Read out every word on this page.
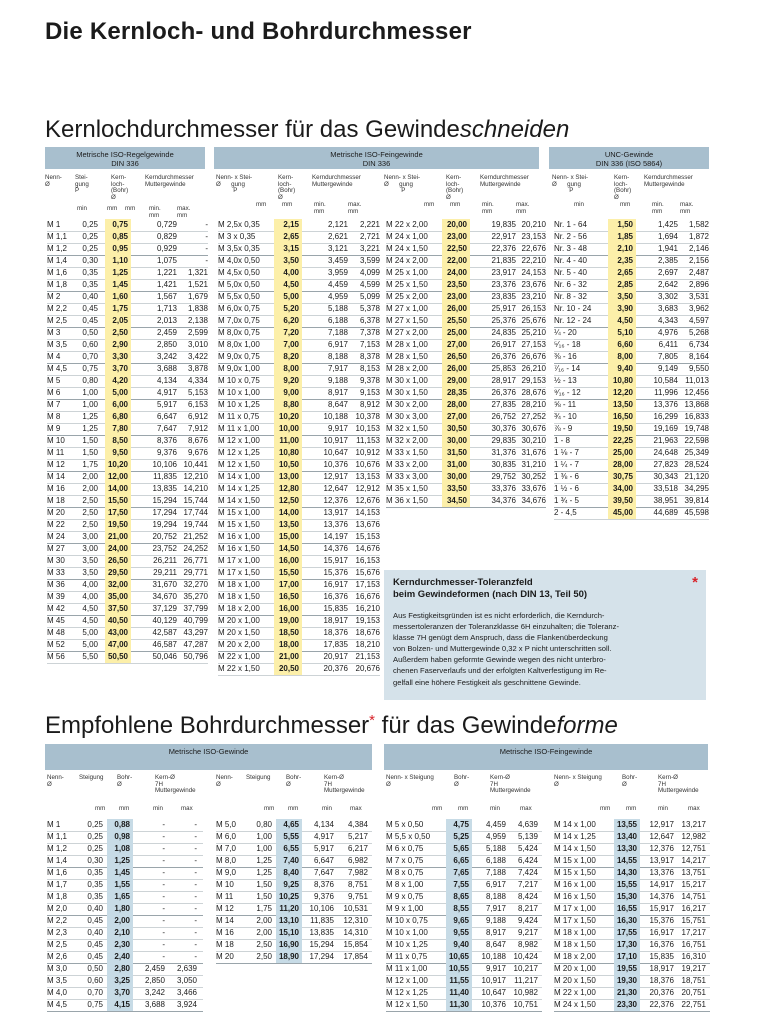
Die Kernloch- und Bohrdurchmesser
Kernlochdurchmesser für das Gewindeschneiden
Empfohlene Bohrdurchmesser* für das Gewindeforme
Metrische ISO-Regelgewinde
DIN 336
Metrische ISO-Feingewinde
DIN 336
UNC-Gewinde
DIN 336 (ISO 5864)
Nenn-
Ø
Stei-
gung
P
Kern-
loch-
(Bohr)
Ø
Kerndurchmesser
Muttergewinde
min	mm mm min.
mm
max.
mm
Nenn- x Stei-
Ø      gung
P
Kern-
loch-
(Bohr)
Ø
Kerndurchmesser
Muttergewinde
mm	mm	min.
mm
max.
mm
Nenn- x Stei-
Ø      gung
P
Kern-
loch-
(Bohr)
Ø
Kerndurchmesser
Muttergewinde
mm	mm	min.
mm
max.
mm
Nenn- x Stei-
Ø      gung
P
Kern-
loch-
(Bohr)
Ø
Kerndurchmesser
Muttergewinde
min	mm	min.
mm
max.
mm
M 1	0,25	0,75	0,729	-
M 1,1 0,25	0,85	0,829	-
M 1,2 0,25	0,95	0,929	-
M 1,4 0,30	1,10	1,075	-
M 1,6 0,35	1,25	1,221 1,321
M 1,8 0,35	1,45	1,421 1,521
M 2	0,40	1,60	1,567 1,679
M 2,2 0,45	1,75	1,713 1,838
M 2,5 0,45	2,05	2,013 2,138
M 3	0,50	2,50	2,459 2,599
M 3,5 0,60	2,90	2,850 3,010
M 4	0,70	3,30	3,242 3,422
M 4,5 0,75	3,70	3,688 3,878
M 5	0,80	4,20	4,134 4,334
M 6	1,00	5,00	4,917 5,153
M 7	1,00	6,00	5,917 6,153
M 8	1,25	6,80	6,647 6,912
M 9	1,25	7,80	7,647 7,912
M 10 1,50	8,50	8,376 8,676
M 11 1,50	9,50	9,376 9,676
M 12 1,75	10,20	10,106 10,441
M 14 2,00	12,00	11,835 12,210
M 16 2,00	14,00	13,835 14,210
M 18 2,50	15,50	15,294 15,744
M 20 2,50	17,50	17,294 17,744
M 22 2,50	19,50	19,294 19,744
M 24 3,00	21,00	20,752 21,252
M 27 3,00	24,00	23,752 24,252
M 30 3,50	26,50	26,211 26,771
M 33 3,50	29,50	29,211 29,771
M 36 4,00	32,00	31,670 32,270
M 39 4,00	35,00	34,670 35,270
M 42 4,50	37,50	37,129 37,799
M 45 4,50	40,50	40,129 40,799
M 48 5,00	43,00	42,587 43,297
M 52 5,00	47,00	46,587 47,287
M 56 5,50	50,50	50,046 50,796
M 2,5x 0,35	2,15	2,121 2,221
M 3 x 0,35	2,65	2,621 2,721
M 3,5x 0,35	3,15	3,121 3,221
M 4,0x 0,50	3,50	3,459 3,599
M 4,5x 0,50	4,00	3,959 4,099
M 5,0x 0,50	4,50	4,459 4,599
M 5,5x 0,50	5,00	4,959 5,099
M 6,0x 0,75	5,20	5,188 5,378
M 7,0x 0,75	6,20	6,188 6,378
M 8,0x 0,75	7,20	7,188 7,378
M 8,0x 1,00	7,00	6,917 7,153
M 9,0x 0,75	8,20	8,188 8,378
M 9,0x 1,00	8,00	7,917 8,153
M 10 x 0,75	9,20	9,188 9,378
M 10 x 1,00	9,00	8,917 9,153
M 10 x 1,25	8,80	8,647 8,912
M 11 x 0,75	10,20	10,188 10,378
M 11 x 1,00	10,00	9,917 10,153
M 12 x 1,00	11,00	10,917 11,153
M 12 x 1,25	10,80	10,647 10,912
M 12 x 1,50	10,50	10,376 10,676
M 14 x 1,00	13,00	12,917 13,153
M 14 x 1,25	12,80	12,647 12,912
M 14 x 1,50	12,50	12,376 12,676
M 15 x 1,00	14,00	13,917 14,153
M 15 x 1,50	13,50	13,376 13,676
M 16 x 1,00	15,00	14,197 15,153
M 16 x 1,50	14,50	14,376 14,676
M 17 x 1,00	16,00	15,917 16,153
M 17 x 1,50	15,50	15,376 15,676
M 18 x 1,00	17,00	16,917 17,153
M 18 x 1,50	16,50	16,376 16,676
M 18 x 2,00	16,00	15,835 16,210
M 20 x 1,00	19,00	18,917 19,153
M 20 x 1,50	18,50	18,376 18,676
M 20 x 2,00	18,00	17,835 18,210
M 22 x 1,00	21,00	20,917 21,153
M 22 x 1,50	20,50	20,376 20,676
M 22 x 2,00	20,00	19,835 20,210
M 24 x 1,00	23,00	22,917 23,153
M 24 x 1,50	22,50	22,376 22,676
M 24 x 2,00	22,00	21,835 22,210
M 25 x 1,00	24,00	23,917 24,153
M 25 x 1,50	23,50	23,376 23,676
M 25 x 2,00	23,00	23,835 23,210
M 27 x 1,00	26,00	25,917 26,153
M 27 x 1,50	25,50	25,376 25,676
M 27 x 2,00	25,00	24,835 25,210
M 28 x 1,00	27,00	26,917 27,153
M 28 x 1,50	26,50	26,376 26,676
M 28 x 2,00	26,00	25,853 26,210
M 30 x 1,00	29,00	28,917 29,153
M 30 x 1,50	28,35	26,376 28,676
M 30 x 2,00	28,00	27,835 28,210
M 30 x 3,00	27,00	26,752 27,252
M 32 x 1,50	30,50	30,376 30,676
M 32 x 2,00	30,00	29,835 30,210
M 33 x 1,50	31,50	31,376 31,676
M 33 x 2,00	31,00	30,835 31,210
M 33 x 3,00	30,00	29,752 30,252
M 35 x 1,50	33,50	33,376 33,676
M 36 x 1,50	34,50	34,376 34,676
Nr. 1 - 64	1,50	1,425 1,582
Nr. 2 - 56	1,85	1,694 1,872
Nr. 3 - 48	2,10	1,941 2,146
Nr. 4 - 40	2,35	2,385 2,156
Nr. 5 - 40	2,65	2,697 2,487
Nr. 6 - 32	2,85	2,642 2,896
Nr. 8 - 32	3,50	3,302 3,531
Nr. 10 - 24	3,90	3,683 3,962
Nr. 12 - 24	4,50	4,343 4,597
¼ - 20	5,10	4,976 5,268
⁵⁄₁₆ - 18	6,60	6,411 6,734
⅜ - 16	8,00	7,805 8,164
⁷⁄₁₆ - 14	9,40	9,149 9,550
½ - 13	10,80	10,584 11,013
⁹⁄₁₆ - 12	12,20	11,996 12,456
⅝ - 11	13,50	13,376 13,868
¾ - 10	16,50	16,299 16,833
⅞ - 9	19,50	19,169 19,748
1 - 8	22,25	21,963 22,598
1 ⅛ - 7	25,00	24,648 25,349
1 ¼ - 7	28,00	27,823 28,524
1 ⅜ - 6	30,75	30,343 21,120
1 ½ - 6	34,00	33,518 34,295
1 ¾ - 5	39,50	38,951 39,814
2 - 4,5	45,00	44,689 45,598
Metrische ISO-Gewinde	Metrische ISO-Feingewinde
Nenn-
Ø
Steigung Bohr-
Ø
Kern-Ø
7H
Muttergewinde
mm mm	min	max
Nenn-
Ø
Steigung	Bohr-
Ø
Kern-Ø
7H
Muttergewinde
mm mm	min	max
Nenn- x Steigung
Ø
Bohr-
Ø
Kern-Ø
7H
Muttergewinde
mm	mm	min	max
Nenn- x Steigung
Ø
Bohr-
Ø
Kern-Ø
7H
Muttergewinde
mm	mm	min	max
M 1	0,25	0,88	-	-
M 1,1	0,25	0,98	-	-
M 1,2	0,25	1,08	-	-
M 1,4	0,30	1,25	-	-
M 1,6	0,35	1,45	-	-
M 1,7	0,35	1,55	-	-
M 1,8	0,35	1,65	-	-
M 2,0	0,40	1,80	-	-
M 2,2	0,45	2,00	-	-
M 2,3	0,40	2,10	-	-
M 2,5	0,45	2,30	-	-
M 2,6	0,45	2,40	-	-
M 3,0	0,50	2,80	2,459 2,639
M 3,5	0,60	3,25	2,850 3,050
M 4,0	0,70	3,70	3,242 3,466
M 4,5	0,75	4,15	3,688 3,924
M 5,0	0,80	4,65	4,134 4,384
M 6,0	1,00	5,55	4,917 5,217
M 7,0	1,00	6,55	5,917 6,217
M 8,0	1,25	7,40	6,647 6,982
M 9,0	1,25	8,40	7,647 7,982
M 10	1,50	9,25	8,376 8,751
M 11	1,50 10,25	9,376 9,751
M 12	1,75 11,20	10,106 10,531
M 14	2,00 13,10	11,835 12,310
M 16	2,00 15,10	13,835 14,310
M 18	2,50 16,90	15,294 15,854
M 20	2,50 18,90	17,294 17,854
M 5 x 0,50	4,75	4,459 4,639
M 5,5 x 0,50	5,25	4,959 5,139
M 6 x 0,75	5,65	5,188 5,424
M 7 x 0,75	6,65	6,188 6,424
M 8 x 0,75	7,65	7,188 7,424
M 8 x 1,00	7,55	6,917 7,217
M 9 x 0,75	8,65	8,188 8,424
M 9 x 1,00	8,55	7,917 8,217
M 10 x 0,75	9,65	9,188 9,424
M 10 x 1,00	9,55	8,917 9,217
M 10 x 1,25	9,40	8,647 8,982
M 11 x 0,75	10,65	10,188 10,424
M 11 x 1,00	10,55	9,917 10,217
M 12 x 1,00	11,55	10,917 11,217
M 12 x 1,25	11,40	10,647 10,982
M 12 x 1,50	11,30	10,376 10,751
M 14 x 1,00	13,55	12,917 13,217
M 14 x 1,25	13,40	12,647 12,982
M 14 x 1,50	13,30	12,376 12,751
M 15 x 1,00	14,55	13,917 14,217
M 15 x 1,50	14,30	13,376 13,751
M 16 x 1,00	15,55	14,917 15,217
M 16 x 1,50	15,30	14,376 14,751
M 17 x 1,00	16,55	15,917 16,217
M 17 x 1,50	16,30	15,376 15,751
M 18 x 1,00	17,55	16,917 17,217
M 18 x 1,50	17,30	16,376 16,751
M 18 x 2,00	17,10	15,835 16,310
M 20 x 1,00	19,55	18,917 19,217
M 20 x 1,50	19,30	18,376 18,751
M 22 x 1,00	21,30	20,376 20,751
M 24 x 1,50	23,30	22,376 22,751
Kerndurchmesser-Toleranzfeld
beim Gewindeformen (nach DIN 13, Teil 50)
*
Aus Festigkeitsgründen ist es nicht erforderlich, die Kerndurch-
messertoleranzen der Toleranzklasse 6H einzuhalten; die Toleranz-
klasse 7H genügt dem Anspruch, dass die Flankenüberdeckung
von Bolzen- und Muttergewinde 0,32 x P nicht unterschritten soll.
Außerdem haben geformte Gewinde wegen des nicht unterbro-
chenen Faserverlaufs und der erfolgten Kaltverfestigung im Re-
gelfall eine höhere Festigkeit als geschnittene Gewinde.
